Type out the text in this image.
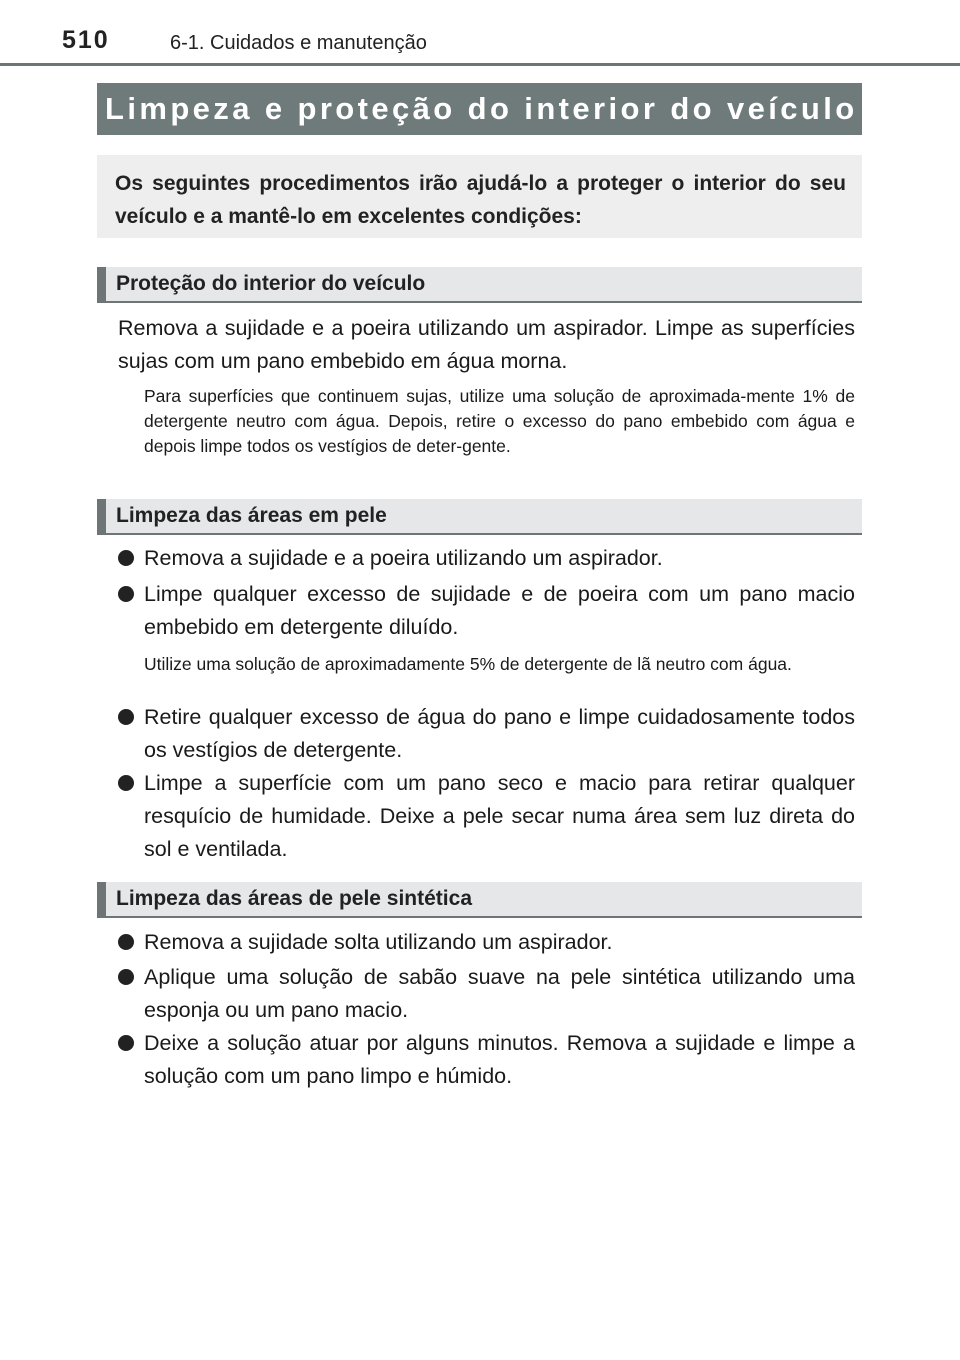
510	6-1. Cuidados e manutenção
Limpeza e proteção do interior do veículo
Os seguintes procedimentos irão ajudá-lo a proteger o interior do seu veículo e a mantê-lo em excelentes condições:
Proteção do interior do veículo
Remova a sujidade e a poeira utilizando um aspirador. Limpe as superfícies sujas com um pano embebido em água morna.
Para superfícies que continuem sujas, utilize uma solução de aproximada-mente 1% de detergente neutro com água. Depois, retire o excesso do pano embebido com água e depois limpe todos os vestígios de deter-gente.
Limpeza das áreas em pele
Remova a sujidade e a poeira utilizando um aspirador.
Limpe qualquer excesso de sujidade e de poeira com um pano macio embebido em detergente diluído.
Utilize uma solução de aproximadamente 5% de detergente de lã neutro com água.
Retire qualquer excesso de água do pano e limpe cuidadosamente todos os vestígios de detergente.
Limpe a superfície com um pano seco e macio para retirar qualquer resquício de humidade. Deixe a pele secar numa área sem luz direta do sol e ventilada.
Limpeza das áreas de pele sintética
Remova a sujidade solta utilizando um aspirador.
Aplique uma solução de sabão suave na pele sintética utilizando uma esponja ou um pano macio.
Deixe a solução atuar por alguns minutos. Remova a sujidade e limpe a solução com um pano limpo e húmido.
